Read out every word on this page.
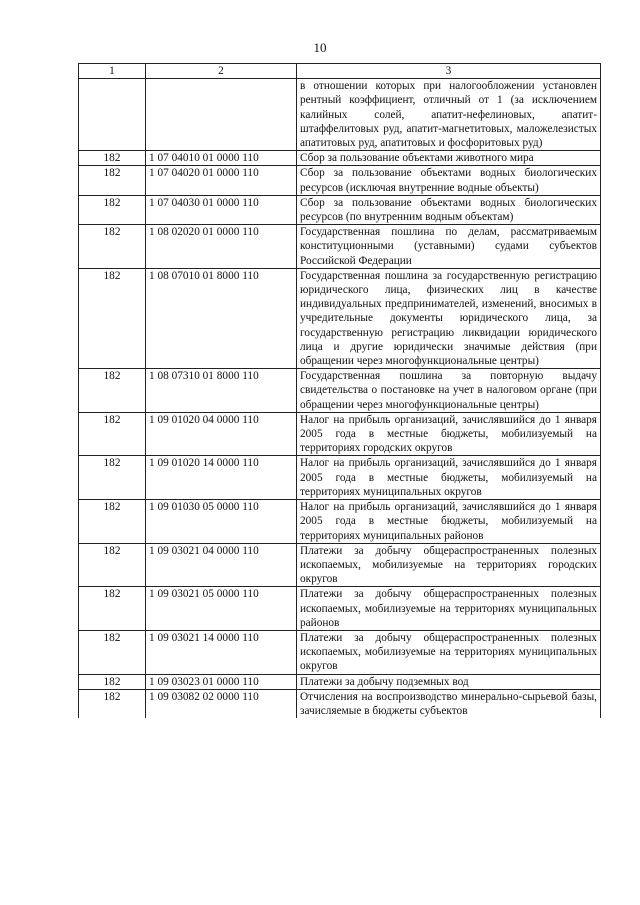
10
1	2	3
		в отношении которых при налогообложении установлен рентный коэффициент, отличный от 1 (за исключением калийных солей, апатит-нефелиновых, апатит-штаффелитовых руд, апатит-магнетитовых, маложелезистых апатитовых руд, апатитовых и фосфоритовых руд)
182	1 07 04010 01 0000 110	Сбор за пользование объектами животного мира
182	1 07 04020 01 0000 110	Сбор за пользование объектами водных биологических ресурсов (исключая внутренние водные объекты)
182	1 07 04030 01 0000 110	Сбор за пользование объектами водных биологических ресурсов (по внутренним водным объектам)
182	1 08 02020 01 0000 110	Государственная пошлина по делам, рассматриваемым конституционными (уставными) судами субъектов Российской Федерации
182	1 08 07010 01 8000 110	Государственная пошлина за государственную регистрацию юридического лица, физических лиц в качестве индивидуальных предпринимателей, изменений, вносимых в учредительные документы юридического лица, за государственную регистрацию ликвидации юридического лица и другие юридически значимые действия (при обращении через многофункциональные центры)
182	1 08 07310 01 8000 110	Государственная пошлина за повторную выдачу свидетельства о постановке на учет в налоговом органе (при обращении через многофункциональные центры)
182	1 09 01020 04 0000 110	Налог на прибыль организаций, зачислявшийся до 1 января 2005 года в местные бюджеты, мобилизуемый на территориях городских округов
182	1 09 01020 14 0000 110	Налог на прибыль организаций, зачислявшийся до 1 января 2005 года в местные бюджеты, мобилизуемый на территориях муниципальных округов
182	1 09 01030 05 0000 110	Налог на прибыль организаций, зачислявшийся до 1 января 2005 года в местные бюджеты, мобилизуемый на территориях муниципальных районов
182	1 09 03021 04 0000 110	Платежи за добычу общераспространенных полезных ископаемых, мобилизуемые на территориях городских округов
182	1 09 03021 05 0000 110	Платежи за добычу общераспространенных полезных ископаемых, мобилизуемые на территориях муниципальных районов
182	1 09 03021 14 0000 110	Платежи за добычу общераспространенных полезных ископаемых, мобилизуемые на территориях муниципальных округов
182	1 09 03023 01 0000 110	Платежи за добычу подземных вод
182	1 09 03082 02 0000 110	Отчисления на воспроизводство минерально-сырьевой базы, зачисляемые в бюджеты субъектов
